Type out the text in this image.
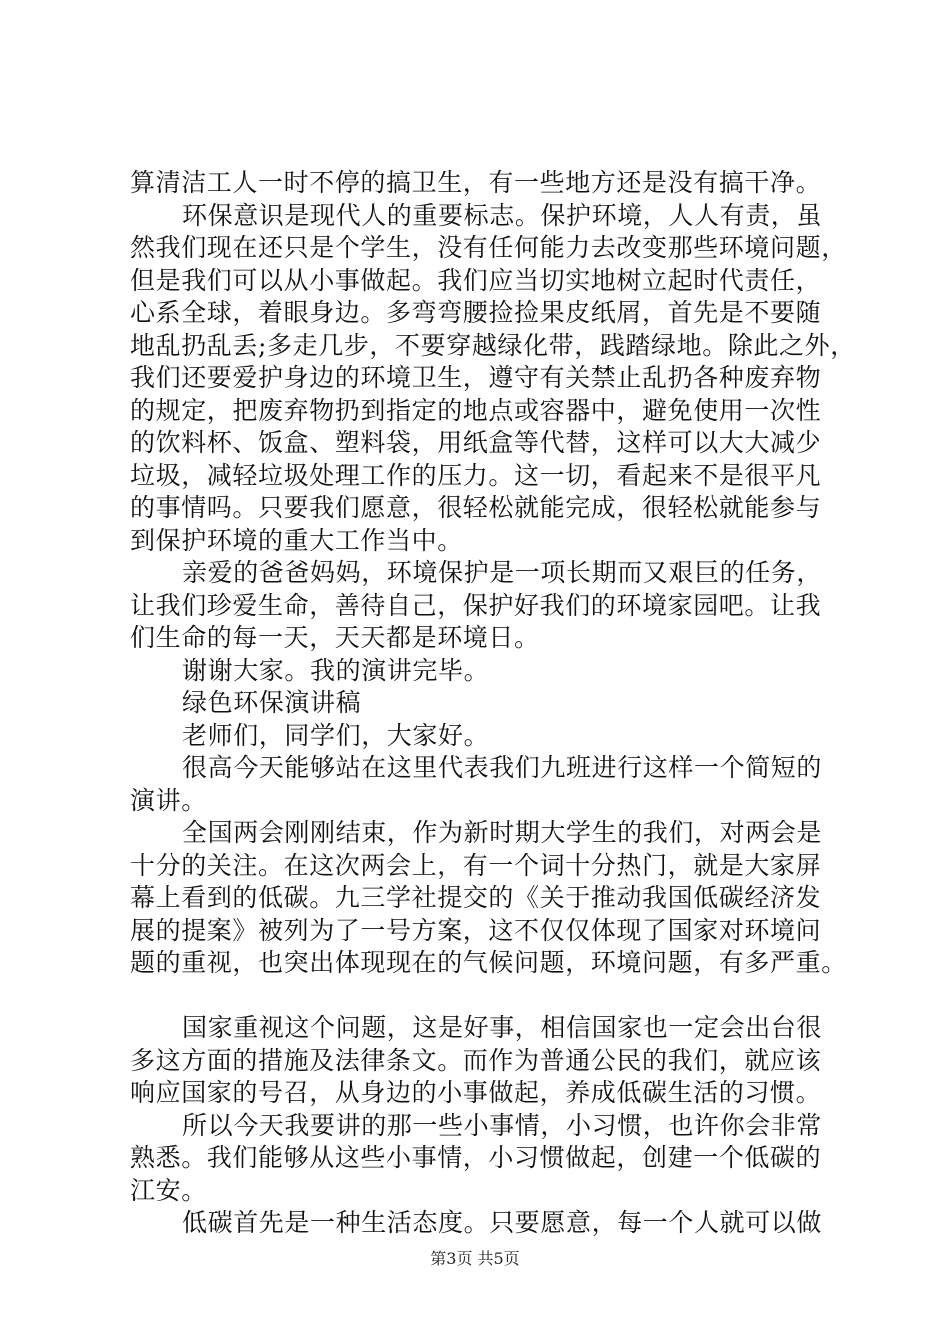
算清洁工人一时不停的搞卫生，有一些地方还是没有搞干净。
环保意识是现代人的重要标志。保护环境，人人有责，虽
然我们现在还只是个学生，没有任何能力去改变那些环境问题，
但是我们可以从小事做起。我们应当切实地树立起时代责任，
心系全球，着眼身边。多弯弯腰捡捡果皮纸屑，首先是不要随
地乱扔乱丢;多走几步，不要穿越绿化带，践踏绿地。除此之外，
我们还要爱护身边的环境卫生，遵守有关禁止乱扔各种废弃物
的规定，把废弃物扔到指定的地点或容器中，避免使用一次性
的饮料杯、饭盒、塑料袋，用纸盒等代替，这样可以大大减少
垃圾，减轻垃圾处理工作的压力。这一切，看起来不是很平凡
的事情吗。只要我们愿意，很轻松就能完成，很轻松就能参与
到保护环境的重大工作当中。
亲爱的爸爸妈妈，环境保护是一项长期而又艰巨的任务，
让我们珍爱生命，善待自己，保护好我们的环境家园吧。让我
们生命的每一天，天天都是环境日。
谢谢大家。我的演讲完毕。
绿色环保演讲稿
老师们，同学们，大家好。
很高今天能够站在这里代表我们九班进行这样一个简短的
演讲。
全国两会刚刚结束，作为新时期大学生的我们，对两会是
十分的关注。在这次两会上，有一个词十分热门，就是大家屏
幕上看到的低碳。九三学社提交的《关于推动我国低碳经济发
展的提案》被列为了一号方案，这不仅仅体现了国家对环境问
题的重视，也突出体现现在的气候问题，环境问题，有多严重。
国家重视这个问题，这是好事，相信国家也一定会出台很
多这方面的措施及法律条文。而作为普通公民的我们，就应该
响应国家的号召，从身边的小事做起，养成低碳生活的习惯。
所以今天我要讲的那一些小事情，小习惯，也许你会非常
熟悉。我们能够从这些小事情，小习惯做起，创建一个低碳的
江安。
低碳首先是一种生活态度。只要愿意，每一个人就可以做
第3页 共5页
